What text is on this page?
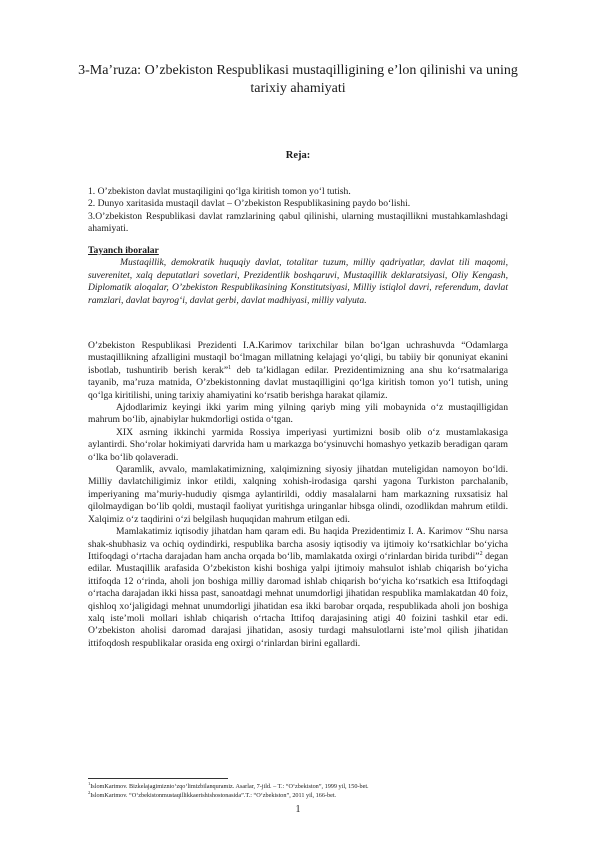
3-Ma’ruza: O’zbekiston Respublikasi mustaqilligining e’lon qilinishi va uning tarixiy ahamiyati
Reja:
1. O’zbekiston davlat mustaqiligini qo‘lga kiritish tomon yo‘l tutish.
2. Dunyo xaritasida mustaqil davlat – O’zbekiston Respublikasining paydo bo‘lishi.
3.O’zbekiston Respublikasi davlat ramzlarining qabul qilinishi, ularning mustaqillikni mustahkamlashdagi ahamiyati.
Tayanch iboralar
Mustaqillik, demokratik huquqiy davlat, totalitar tuzum, milliy qadriyatlar, davlat tili maqomi, suverenitet, xalq deputatlari sovetlari, Prezidentlik boshqaruvi, Mustaqillik deklaratsiyasi, Oliy Kengash, Diplomatik aloqalar, O’zbekiston Respublikasining Konstitutsiyasi, Milliy istiqlol davri, referendum, davlat ramzlari, davlat bayrog‘i, davlat gerbi, davlat madhiyasi, milliy valyuta.

O’zbekiston Respublikasi Prezidenti I.A.Karimov tarixchilar bilan bo‘lgan uchrashuvda “Odamlarga mustaqillikning afzalligini mustaqil bo‘lmagan millatning kelajagi yo‘qligi, bu tabiiy bir qonuniyat ekanini isbotlab, tushuntirib berish kerak”$^1$ deb ta’kidlagan edilar. Prezidentimizning ana shu ko‘rsatmalariga tayanib, ma’ruza matnida, O’zbekistonning davlat mustaqilligini qo‘lga kiritish tomon yo‘l tutish, uning qo‘lga kiritilishi, uning tarixiy ahamiyatini ko‘rsatib berishga harakat qilamiz.

Ajdodlarimiz keyingi ikki yarim ming yilning qariyb ming yili mobaynida o‘z mustaqilligidan mahrum bo‘lib, ajnabiylar hukmdorligi ostida o‘tgan.

XIX asrning ikkinchi yarmida Rossiya imperiyasi yurtimizni bosib olib o‘z mustamlakasiga aylantirdi. Sho‘rolar hokimiyati darvrida ham u markazga bo‘ysinuvchi homashyo yetkazib beradigan qaram o‘lka bo‘lib qolaveradi.

Qaramlik, avvalo, mamlakatimizning, xalqimizning siyosiy jihatdan muteligidan namoyon bo‘ldi. Milliy davlatchiligimiz inkor etildi, xalqning xohish-irodasiga qarshi yagona Turkiston parchalanib, imperiyaning ma’muriy-hududiy qismga aylantirildi, oddiy masalalarni ham markazning ruxsatisiz hal qilolmaydigan bo‘lib qoldi, mustaqil faoliyat yuritishga uringanlar hibsga olindi, ozodlikdan mahrum etildi. Xalqimiz o‘z taqdirini o‘zi belgilash huquqidan mahrum etilgan edi.

Mamlakatimiz iqtisodiy jihatdan ham qaram edi. Bu haqida Prezidentimiz I. A. Karimov “Shu narsa shak-shubhasiz va ochiq oydindirki, respublika barcha asosiy iqtisodiy va ijtimoiy ko‘rsatkichlar bo‘yicha Ittifoqdagi o‘rtacha darajadan ham ancha orqada bo‘lib, mamlakatda oxirgi o‘rinlardan birida turibdi”$^2$ degan edilar. Mustaqillik arafasida O’zbekiston kishi boshiga yalpi ijtimoiy mahsulot ishlab chiqarish bo‘yicha ittifoqda 12 o‘rinda, aholi jon boshiga milliy daromad ishlab chiqarish bo‘yicha ko‘rsatkich esa Ittifoqdagi o‘rtacha darajadan ikki hissa past, sanoatdagi mehnat unumdorligi jihatidan respublika mamlakatdan 40 foiz, qishloq xo‘jaligidagi mehnat unumdorligi jihatidan esa ikki barobar orqada, respublikada aholi jon boshiga xalq iste’moli mollari ishlab chiqarish o‘rtacha Ittifoq darajasining atigi 40 foizini tashkil etar edi. O’zbekiston aholisi daromad darajasi jihatidan, asosiy turdagi mahsulotlarni iste’mol qilish jihatidan ittifoqdosh respublikalar orasida eng oxirgi o‘rinlardan birini egallardi.

$^1$IslomKarimov. Bizkelajagimiznio‘zqo‘limizbilanquramiz. Asarlar, 7-jild. – T.: “O‘zbekiston”, 1999 yil, 150-bet.
$^2$IslomKarimov. “O‘zbekistonmustaqillikkaerishishostonasida”.T.: “O‘zbekiston”, 2011 yil, 166-bet.
1
